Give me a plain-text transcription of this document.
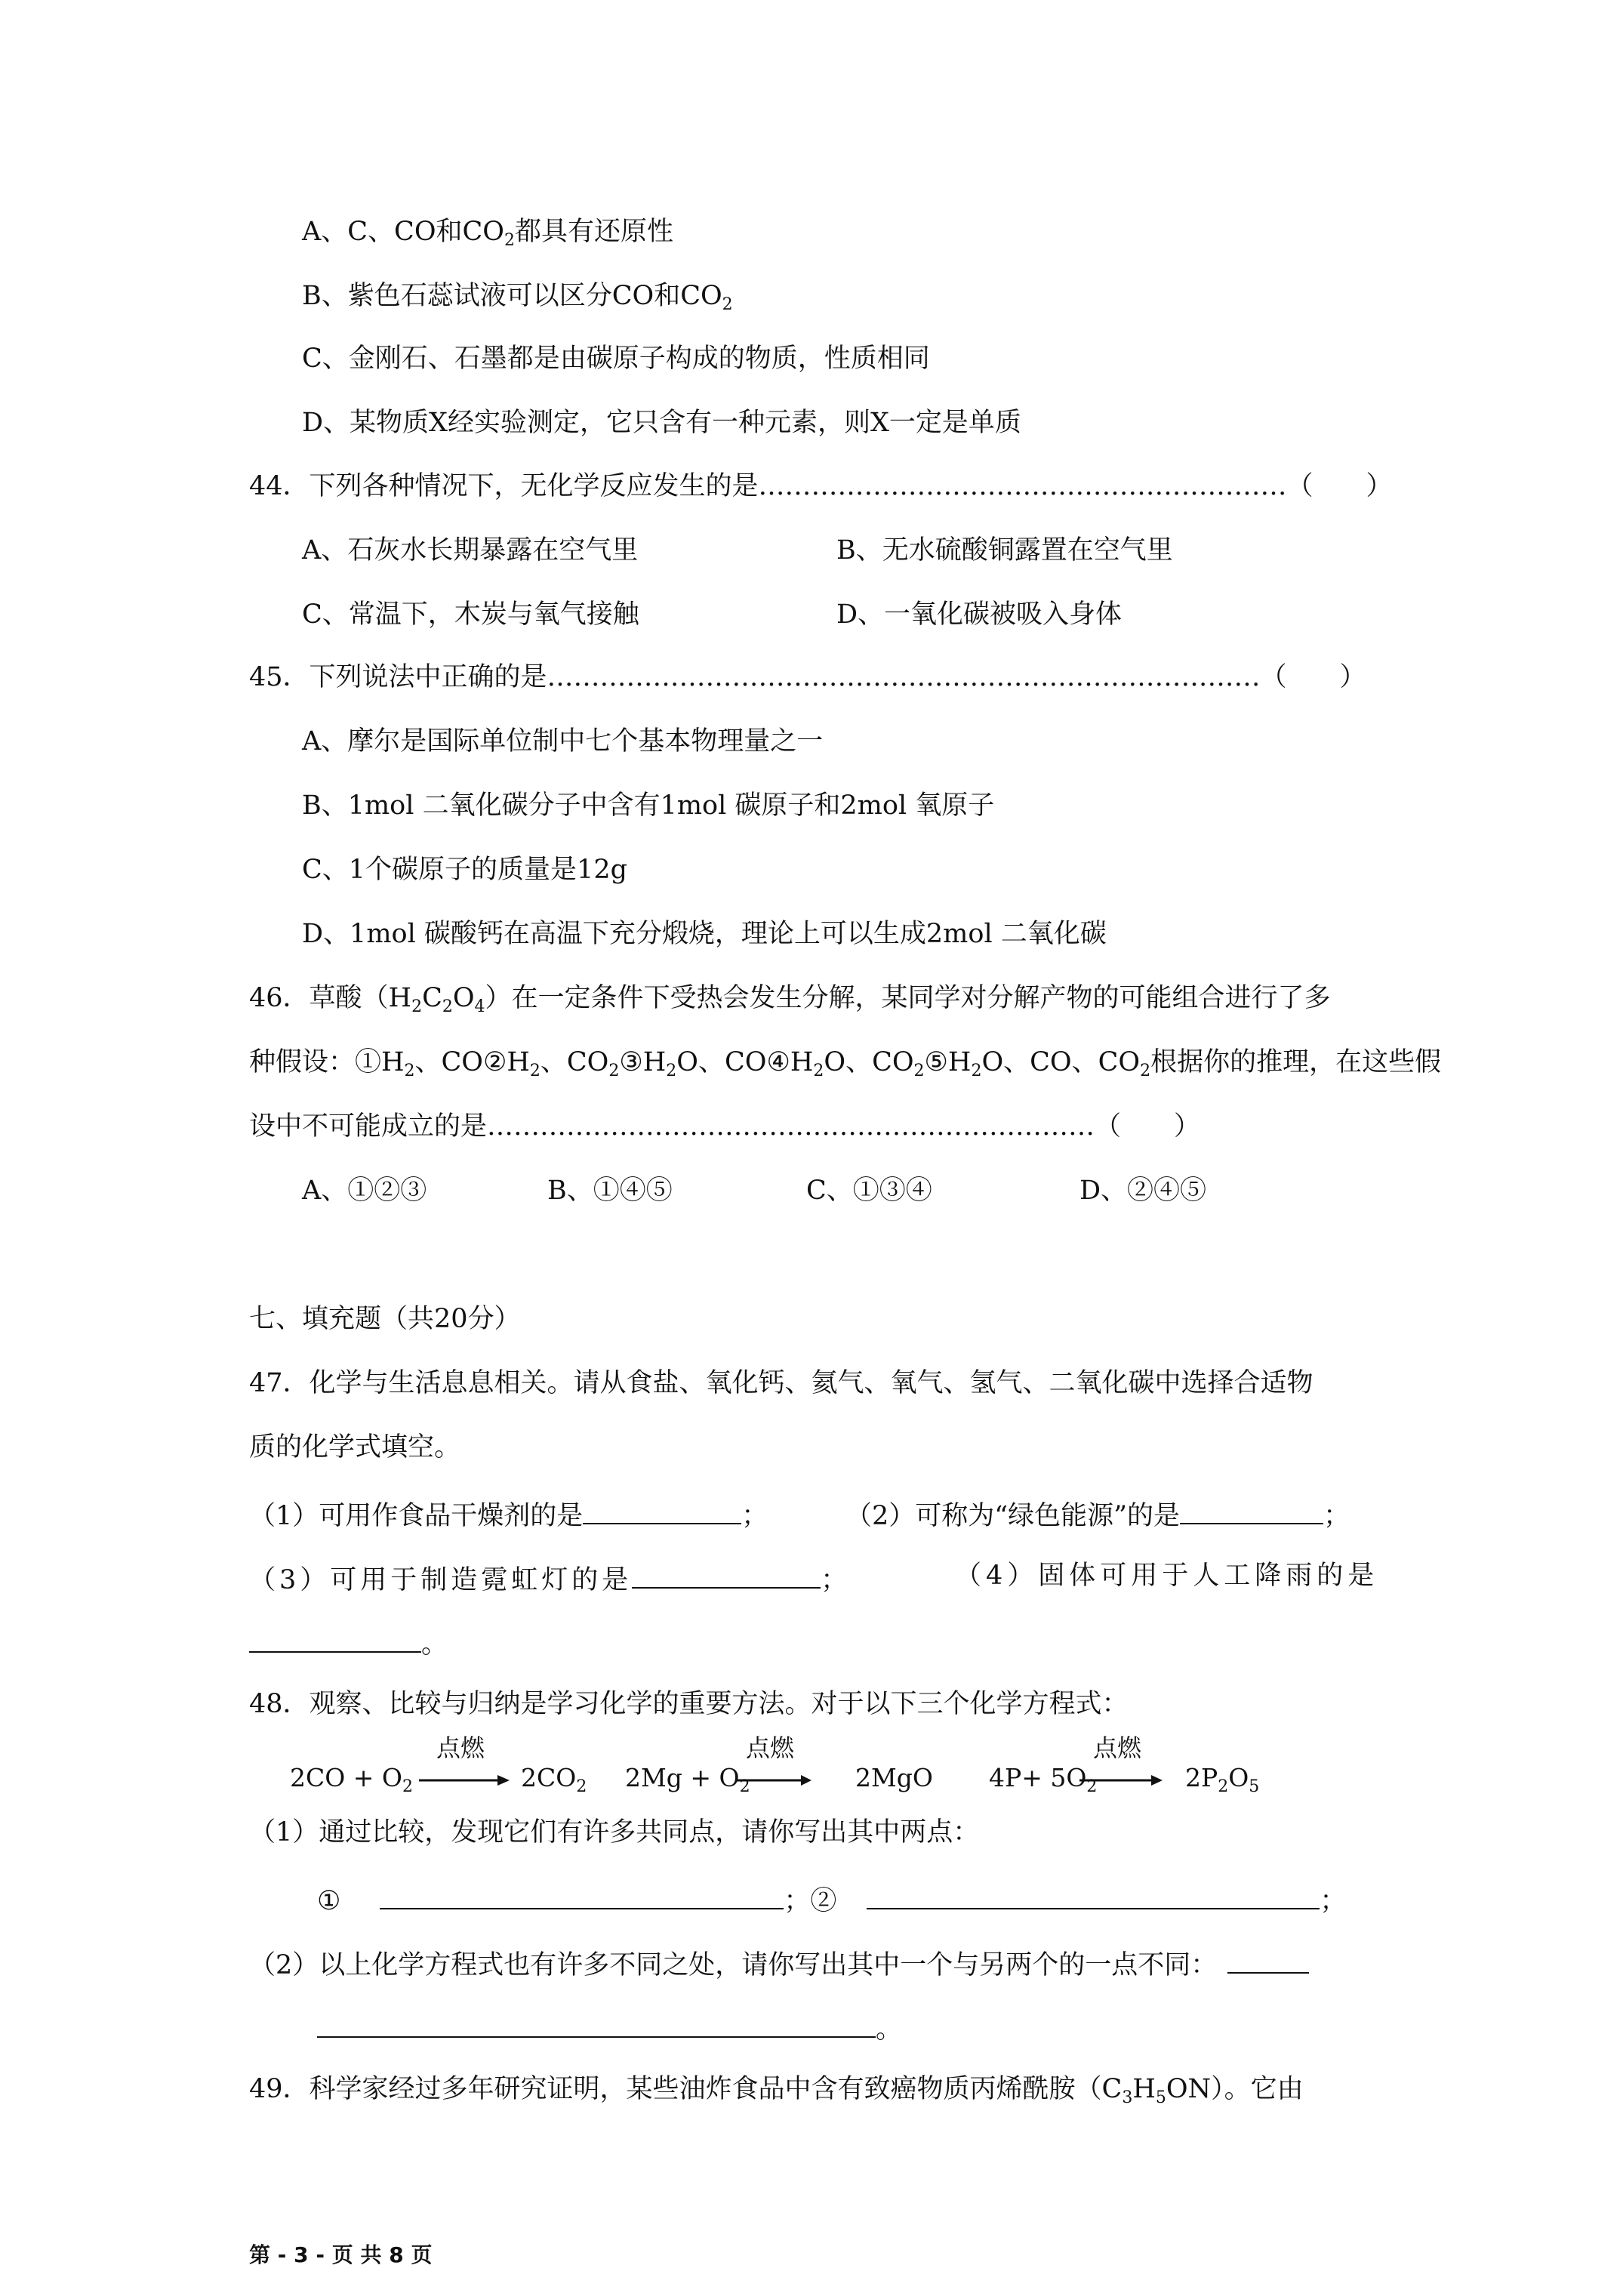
A、C、CO和$CO_2$都具有还原性
B、紫色石蕊试液可以区分CO和$CO_2$
C、金刚石、石墨都是由碳原子构成的物质，性质相同
D、某物质X经实验测定，它只含有一种元素，则X一定是单质
44．下列各种情况下，无化学反应发生的是……………………………………………………（　　）
A、石灰水长期暴露在空气里	B、无水硫酸铜露置在空气里
C、常温下，木炭与氧气接触	D、一氧化碳被吸入身体
45．下列说法中正确的是………………………………………………………………………（　　）
A、摩尔是国际单位制中七个基本物理量之一
B、1mol 二氧化碳分子中含有1mol 碳原子和2mol 氧原子
C、1个碳原子的质量是12g
D、1mol 碳酸钙在高温下充分煅烧，理论上可以生成2mol 二氧化碳
46．草酸$(H_2C_2O_4)$在一定条件下受热会发生分解，某同学对分解产物的可能组合进行了多
种假设：$①H_2$、$CO②H_2$、$CO_2③H_2O$、$CO④H_2O$、$CO_2⑤H_2O$、CO、$CO_2$根据你的推理，在这些假
设中不可能成立的是……………………………………………………………（　　）
A、①②③	B、①④⑤	C、①③④	D、②④⑤
七、填充题（共20分）
47．化学与生活息息相关。请从食盐、氧化钙、氦气、氧气、氢气、二氧化碳中选择合适物
质的化学式填空。
（1）可用作食品干燥剂的是	；	（2）可称为“绿色能源”的是	；
（3）可用于制造霓虹灯的是	；	（4）固体可用于人工降雨的是
。
48．观察、比较与归纳是学习化学的重要方法。对于以下三个化学方程式：
$2CO + O_2$
点燃
$2CO_2$ $2Mg + O_2$
点燃
2MgO $4P+ 5O_2$
点燃
$2P_2O_5$
（1）通过比较，发现它们有许多共同点，请你写出其中两点：
①	；②	；
（2）以上化学方程式也有许多不同之处，请你写出其中一个与另两个的一点不同：
。
49．科学家经过多年研究证明，某些油炸食品中含有致癌物质丙烯酰胺$(C_3H_5ON)$。它由
第 - 3 - 页 共 8 页
